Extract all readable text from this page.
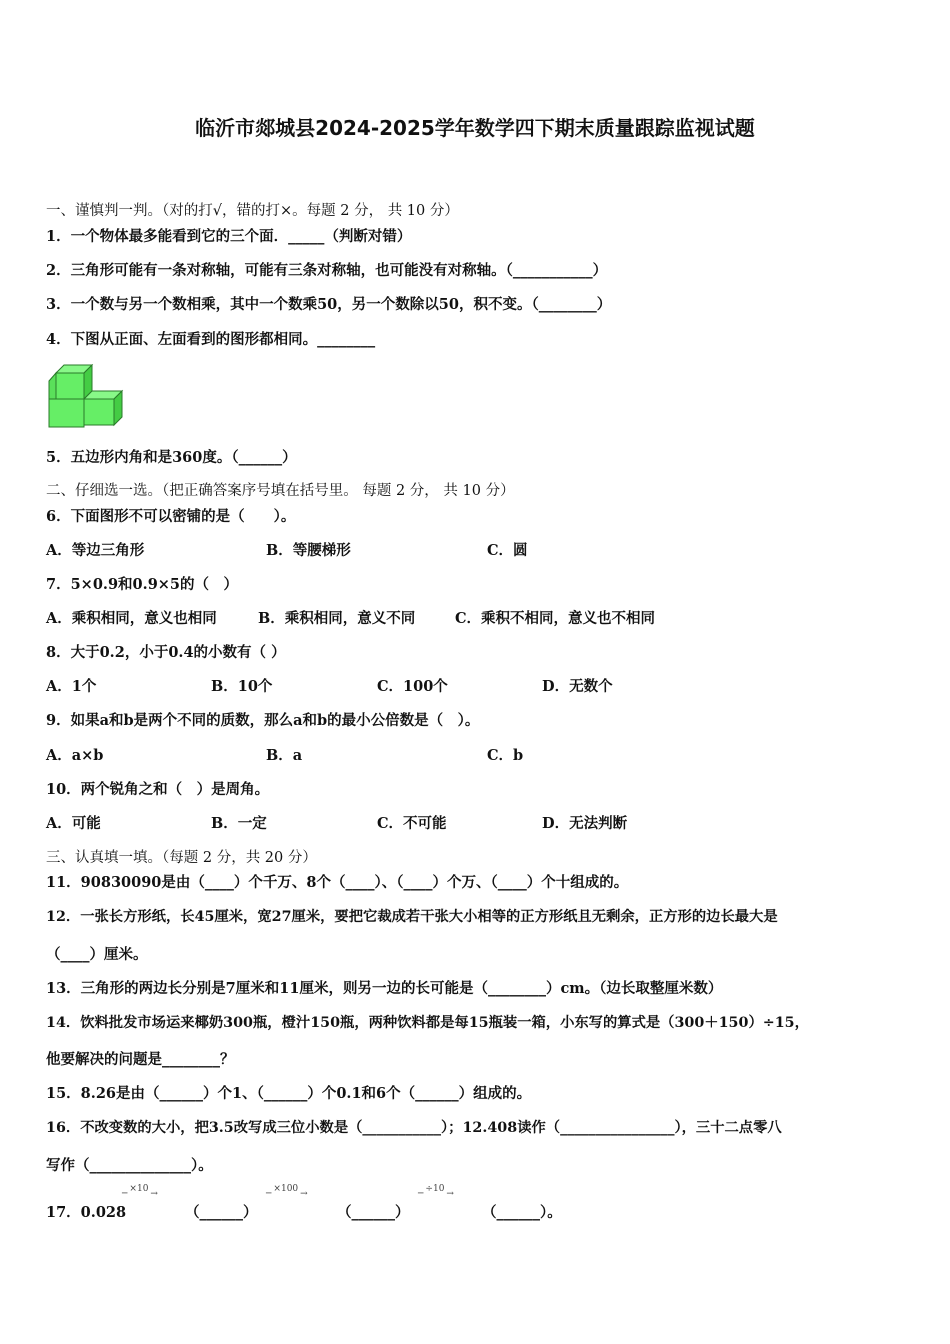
临沂市郯城县2024-2025学年数学四下期末质量跟踪监视试题
一、谨慎判一判。（对的打√，错的打×。每题 2 分， 共 10 分）
1．一个物体最多能看到它的三个面．_____（判断对错）
2．三角形可能有一条对称轴，可能有三条对称轴，也可能没有对称轴。（___________）
3．一个数与另一个数相乘，其中一个数乘50，另一个数除以50，积不变。（________）
4．下图从正面、左面看到的图形都相同。________
5．五边形内角和是360度。（______）
二、仔细选一选。（把正确答案序号填在括号里。 每题 2 分， 共 10 分）
6．下面图形不可以密铺的是（　　）。
A．等边三角形	B．等腰梯形	C．圆
7．5×0.9和0.9×5的（　）
A．乘积相同，意义也相同	B．乘积相同，意义不同	C．乘积不相同，意义也不相同
8．大于0.2，小于0.4的小数有（ ）
A．1个	B．10个	C．100个	D．无数个
9．如果a和b是两个不同的质数，那么a和b的最小公倍数是（　）。
A．a×b	B．a	C．b
10．两个锐角之和（　）是周角。
A．可能	B．一定	C．不可能	D．无法判断
三、认真填一填。（每题 2 分，共 20 分）
11．90830090是由（____）个千万、8个（____）、（____）个万、（____）个十组成的。
12．一张长方形纸，长45厘米，宽27厘米，要把它裁成若干张大小相等的正方形纸且无剩余，正方形的边长最大是
（____）厘米。
13．三角形的两边长分别是7厘米和11厘米，则另一边的长可能是（________）cm。（边长取整厘米数）
14．饮料批发市场运来椰奶300瓶，橙汁150瓶，两种饮料都是每15瓶装一箱，小东写的算式是（300＋150）÷15，
他要解决的问题是________？
15．8.26是由（______）个1、（______）个0.1和6个（______）组成的。
16．不改变数的大小，把3.5改写成三位小数是（___________）；12.408读作（________________），三十二点零八
写作（______________）。
17．0.028
─ ×10 →
（______）
─ ×100 →
（______）
─ ÷10 →
（______）。
